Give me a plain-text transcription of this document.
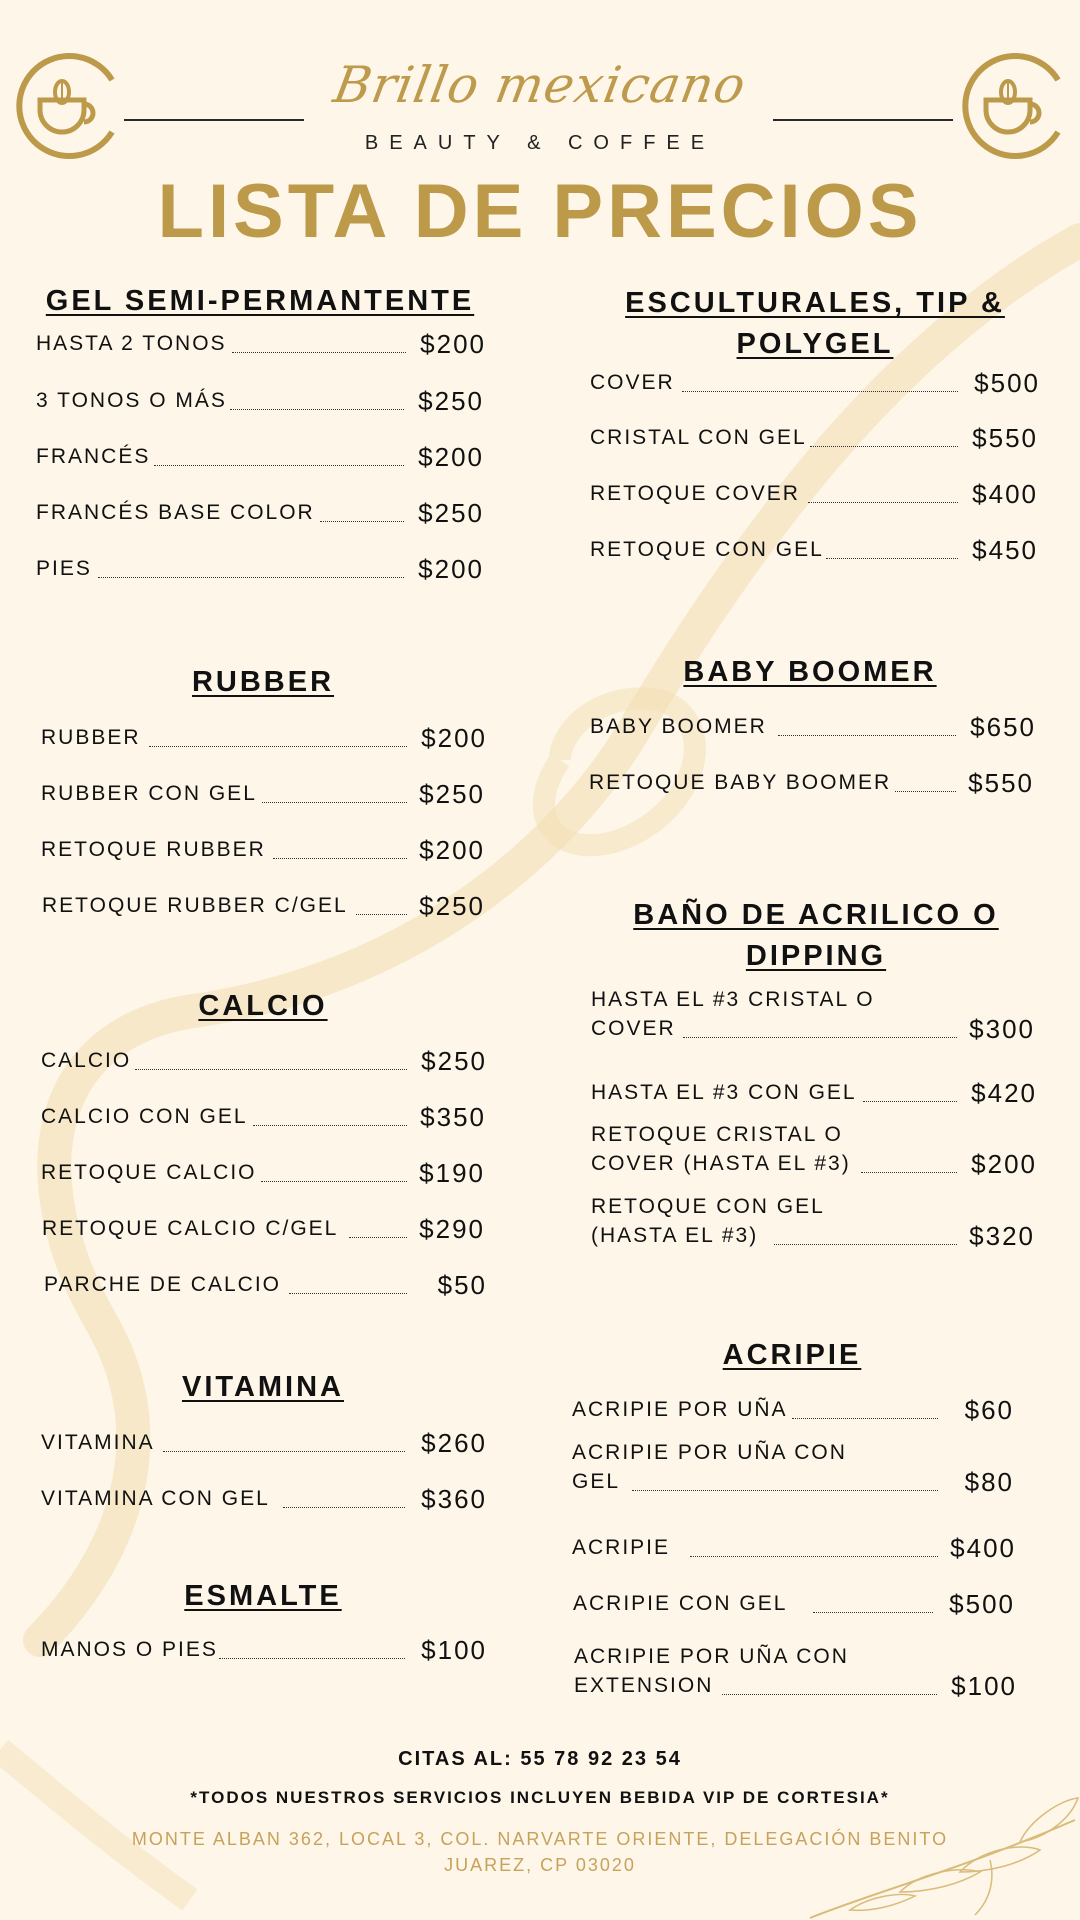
Brillo mexicano
BEAUTY & COFFEE
LISTA DE PRECIOS
GEL SEMI-PERMANTENTE
HASTA 2 TONOS	$200
3 TONOS O MÁS	$250
FRANCÉS	$200
FRANCÉS BASE COLOR	$250
PIES	$200
RUBBER
RUBBER	$200
RUBBER CON GEL	$250
RETOQUE RUBBER	$200
RETOQUE RUBBER C/GEL	$250
CALCIO
CALCIO	$250
CALCIO CON GEL	$350
RETOQUE CALCIO	$190
RETOQUE CALCIO C/GEL	$290
PARCHE DE CALCIO	$50
VITAMINA
VITAMINA	$260
VITAMINA CON GEL	$360
ESMALTE
MANOS O PIES	$100
ESCULTURALES, TIP &
POLYGEL
COVER	$500
CRISTAL CON GEL	$550
RETOQUE COVER	$400
RETOQUE CON GEL	$450
BABY BOOMER
BABY BOOMER	$650
RETOQUE BABY BOOMER	$550
BAÑO DE ACRILICO O
DIPPING
HASTA EL #3 CRISTAL O
COVER	$300
HASTA EL #3 CON GEL	$420
RETOQUE CRISTAL O
COVER (HASTA EL #3)	$200
RETOQUE CON GEL
(HASTA EL #3)	$320
ACRIPIE
ACRIPIE POR UÑA	$60
ACRIPIE POR UÑA CON
GEL	$80
ACRIPIE	$400
ACRIPIE CON GEL	$500
ACRIPIE POR UÑA CON
EXTENSION	$100
CITAS AL: 55 78 92 23 54
*TODOS NUESTROS SERVICIOS INCLUYEN BEBIDA VIP DE CORTESIA*
MONTE ALBAN 362, LOCAL 3, COL. NARVARTE ORIENTE, DELEGACIÓN BENITO JUAREZ, CP 03020
